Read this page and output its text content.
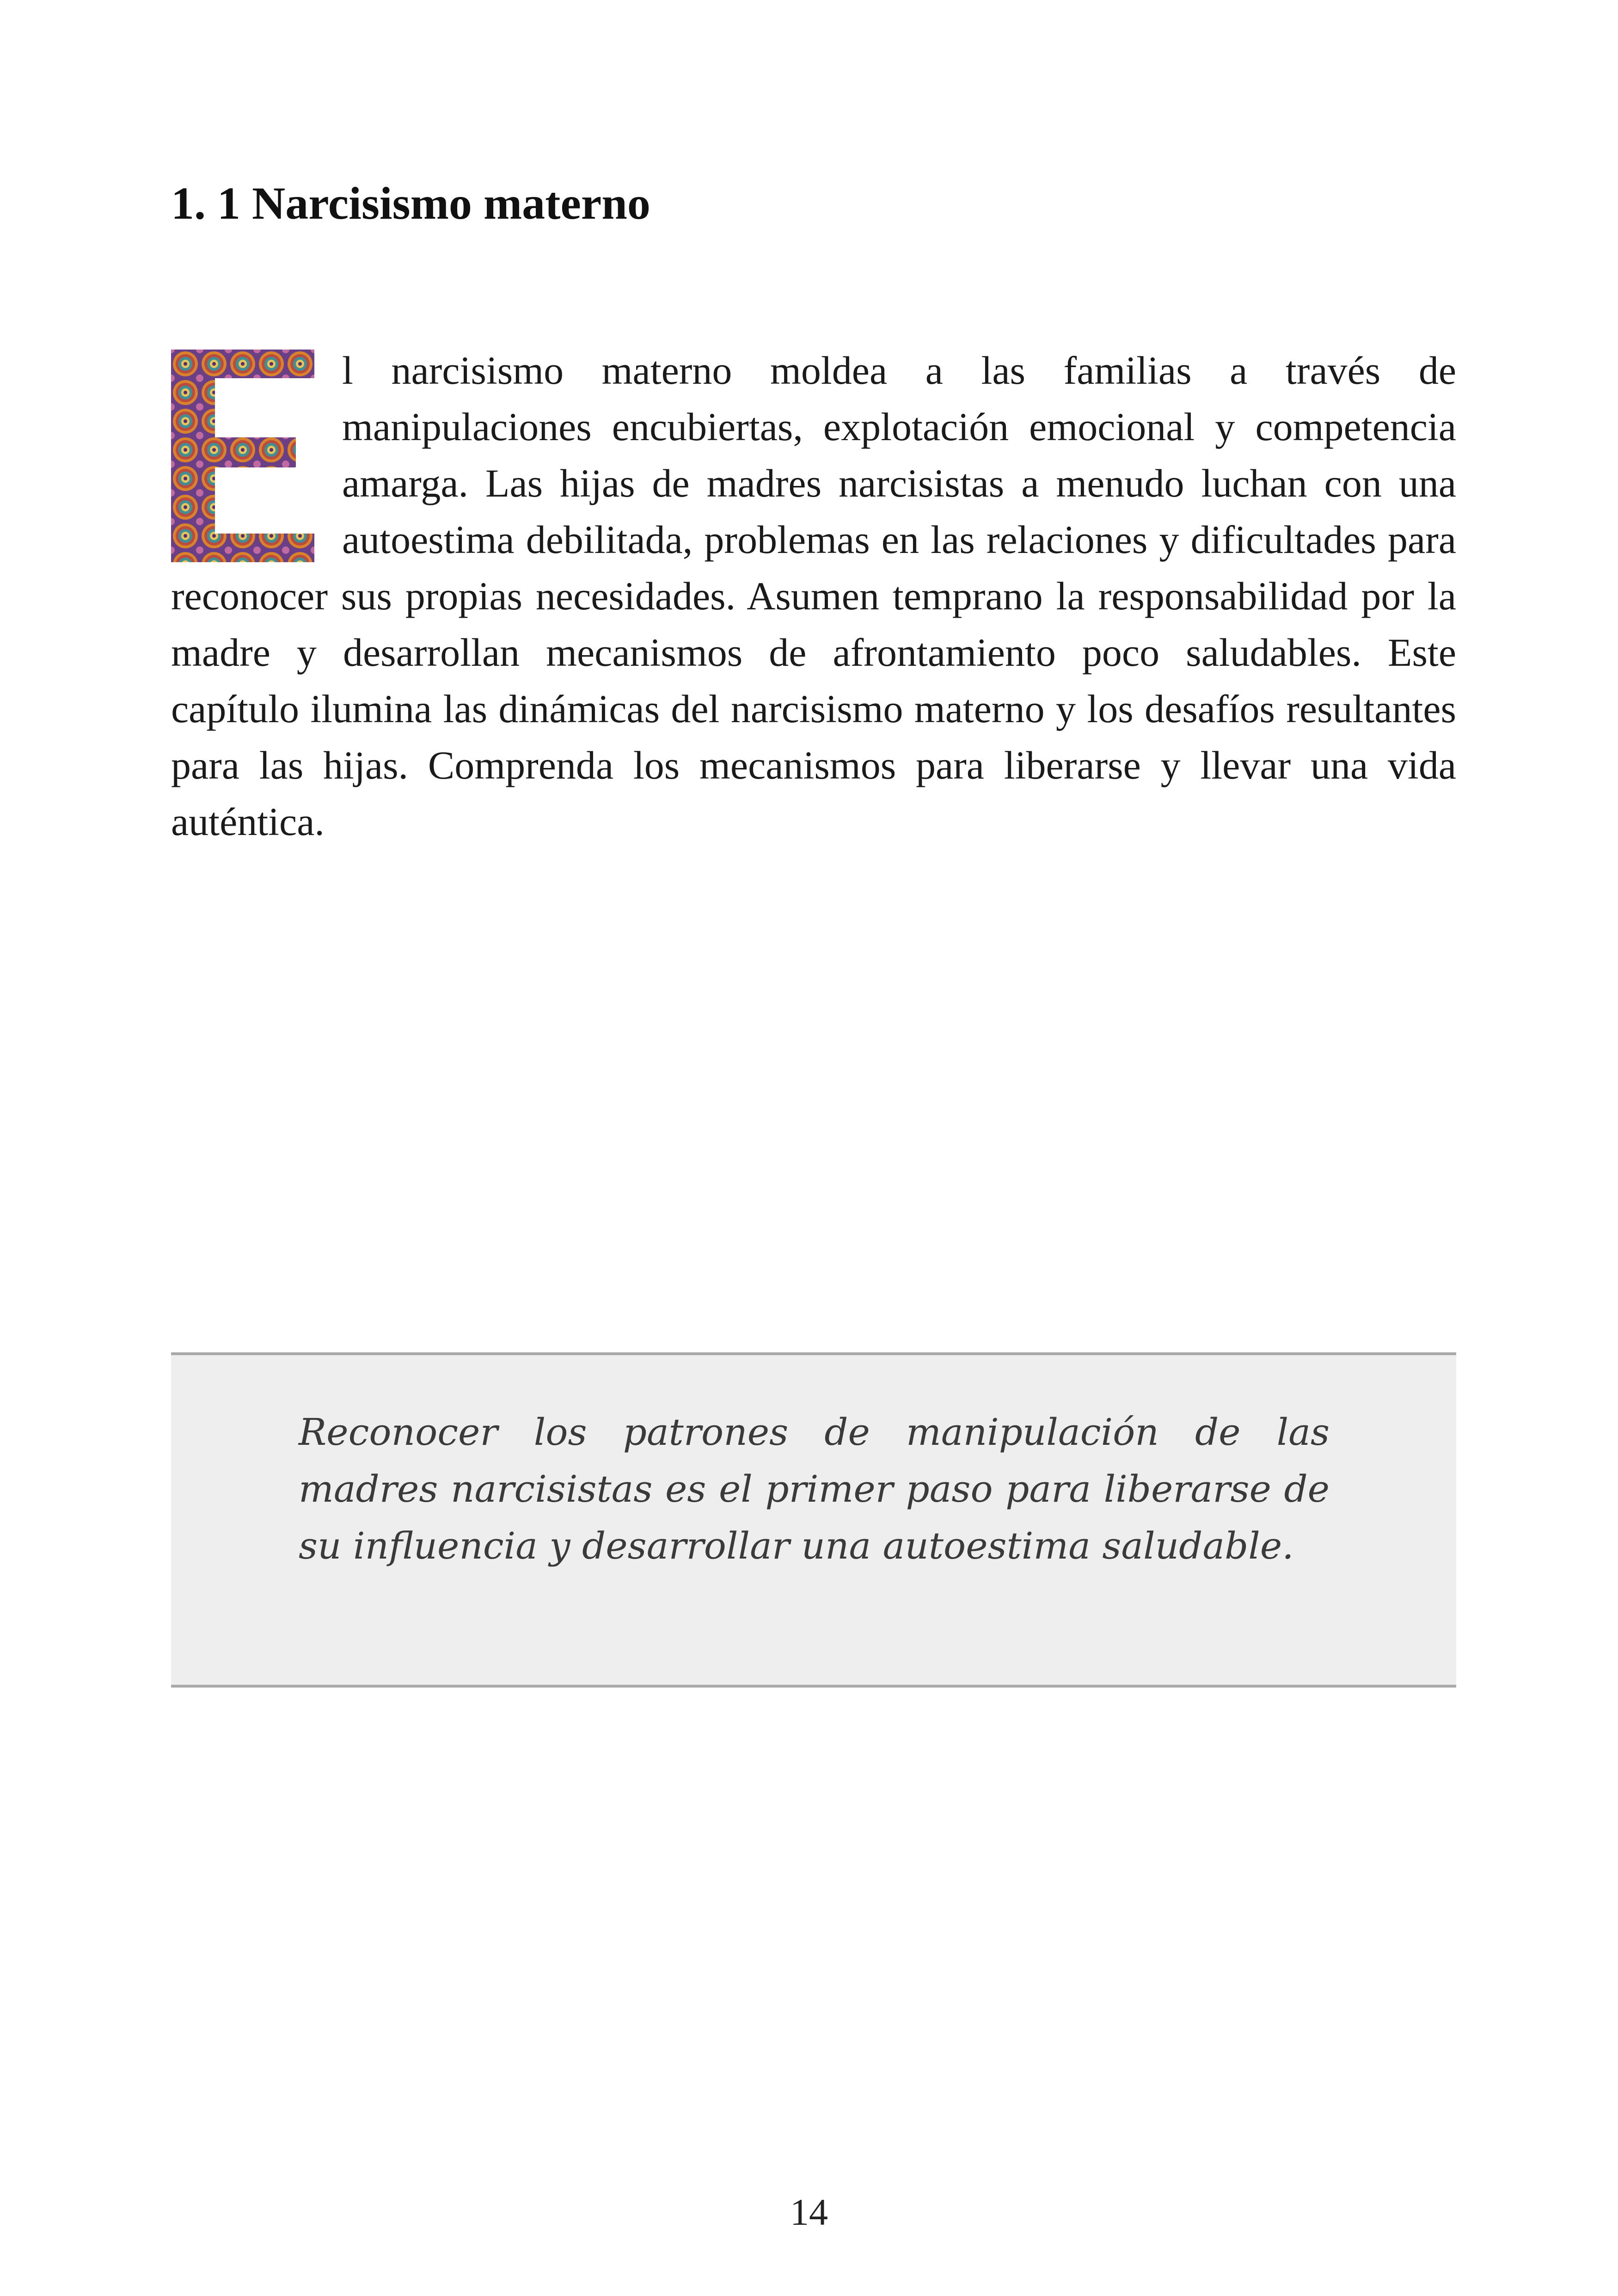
1. 1 Narcisismo materno

l narcisismo materno moldea a las familias a través de manipulaciones encubiertas, explotación emocional y competencia amarga. Las hijas de madres narcisistas a menudo luchan con una autoestima debilitada, problemas en las relaciones y dificultades para reconocer sus propias necesidades. Asumen temprano la responsabilidad por la madre y desarrollan mecanismos de afrontamiento poco saludables. Este capítulo ilumina las dinámicas del narcisismo materno y los desafíos resultantes para las hijas. Comprenda los mecanismos para liberarse y llevar una vida auténtica.

Reconocer los patrones de manipulación de las madres narcisistas es el primer paso para liberarse de su influencia y desarrollar una autoestima saludable.

14
